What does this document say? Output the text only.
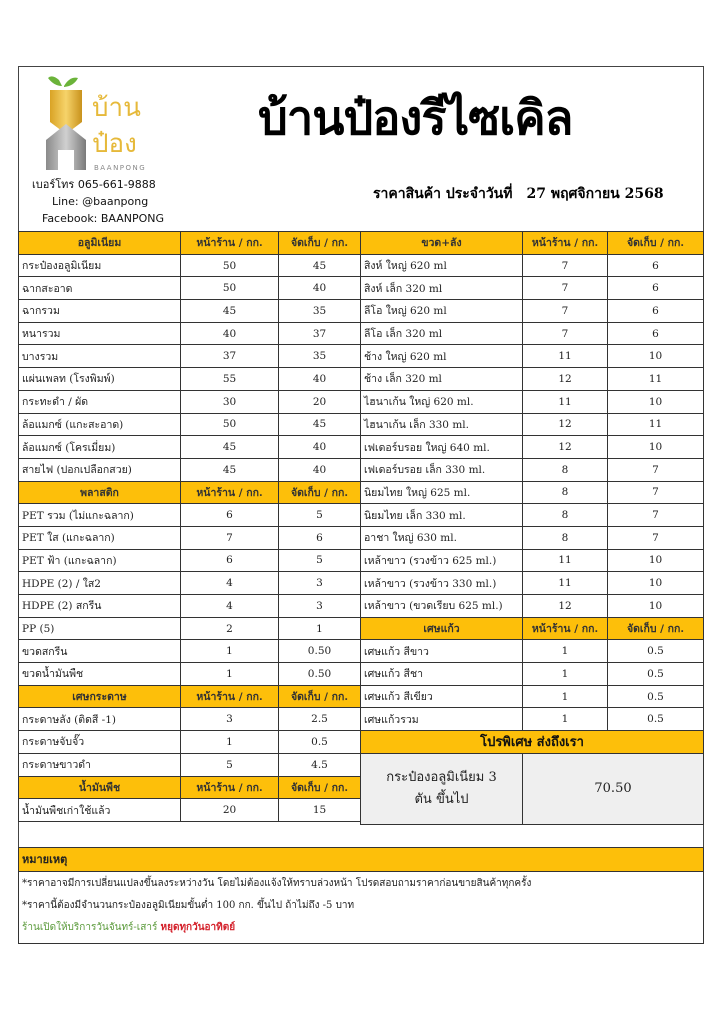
บ้าน
ป๋อง
BAANPONG
เบอร์โทร 065-661-9888
Line: @baanpong
Facebook: BAANPONG
บ้านป๋องรีไซเคิล
ราคาสินค้า ประจำวันที่ 27 พฤศจิกายน 2568
อลูมิเนียม	หน้าร้าน / กก.	จัดเก็บ / กก.
กระป๋องอลูมิเนียม	50	45
ฉากสะอาด	50	40
ฉากรวม	45	35
หนารวม	40	37
บางรวม	37	35
แผ่นเพลท (โรงพิมพ์)	55	40
กระทะดำ / ผัด	30	20
ล้อแมกซ์ (แกะสะอาด)	50	45
ล้อแมกซ์ (โครเมี่ยม)	45	40
สายไฟ (ปอกเปลือกสวย)	45	40
พลาสติก	หน้าร้าน / กก.	จัดเก็บ / กก.
PET รวม (ไม่แกะฉลาก)	6	5
PET ใส (แกะฉลาก)	7	6
PET ฟ้า (แกะฉลาก)	6	5
HDPE (2) / ใส2	4	3
HDPE (2) สกรีน	4	3
PP (5)	2	1
ขวดสกรีน	1	0.50
ขวดน้ำมันพืช	1	0.50
เศษกระดาษ	หน้าร้าน / กก.	จัดเก็บ / กก.
กระดาษลัง (ติดสี -1)	3	2.5
กระดาษจับจั๊ว	1	0.5
กระดาษขาวดำ	5	4.5
น้ำมันพืช	หน้าร้าน / กก.	จัดเก็บ / กก.
น้ำมันพืชเก่าใช้แล้ว	20	15
ขวด+ลัง	หน้าร้าน / กก.	จัดเก็บ / กก.
สิงห์ ใหญ่ 620 ml	7	6
สิงห์ เล็ก 320 ml	7	6
ลีโอ ใหญ่ 620 ml	7	6
ลีโอ เล็ก 320 ml	7	6
ช้าง ใหญ่ 620 ml	11	10
ช้าง เล็ก 320 ml	12	11
ไฮนาเก้น ใหญ่ 620 ml.	11	10
ไฮนาเก้น เล็ก 330 ml.	12	11
เฟเดอร์บรอย ใหญ่ 640 ml.	12	10
เฟเดอร์บรอย เล็ก 330 ml.	8	7
นิยมไทย ใหญ่ 625 ml.	8	7
นิยมไทย เล็ก 330 ml.	8	7
อาชา ใหญ่ 630 ml.	8	7
เหล้าขาว (รวงข้าว 625 ml.)	11	10
เหล้าขาว (รวงข้าว 330 ml.)	11	10
เหล้าขาว (ขวดเรียบ 625 ml.)	12	10
เศษแก้ว	หน้าร้าน / กก.	จัดเก็บ / กก.
เศษแก้ว สีขาว	1	0.5
เศษแก้ว สีชา	1	0.5
เศษแก้ว สีเขียว	1	0.5
เศษแก้วรวม	1	0.5
โปรพิเศษ ส่งถึงเรา		
กระป๋องอลูมิเนียม 3 ตัน ขึ้นไป	70.50	
หมายเหตุ
*ราคาอาจมีการเปลี่ยนแปลงขึ้นลงระหว่างวัน โดยไม่ต้องแจ้งให้ทราบล่วงหน้า โปรดสอบถามราคาก่อนขายสินค้าทุกครั้ง
*ราคานี้ต้องมีจำนวนกระป๋องอลูมิเนียมขั้นต่ำ 100 กก. ขึ้นไป ถ้าไม่ถึง -5 บาท
ร้านเปิดให้บริการวันจันทร์-เสาร์ หยุดทุกวันอาทิตย์
